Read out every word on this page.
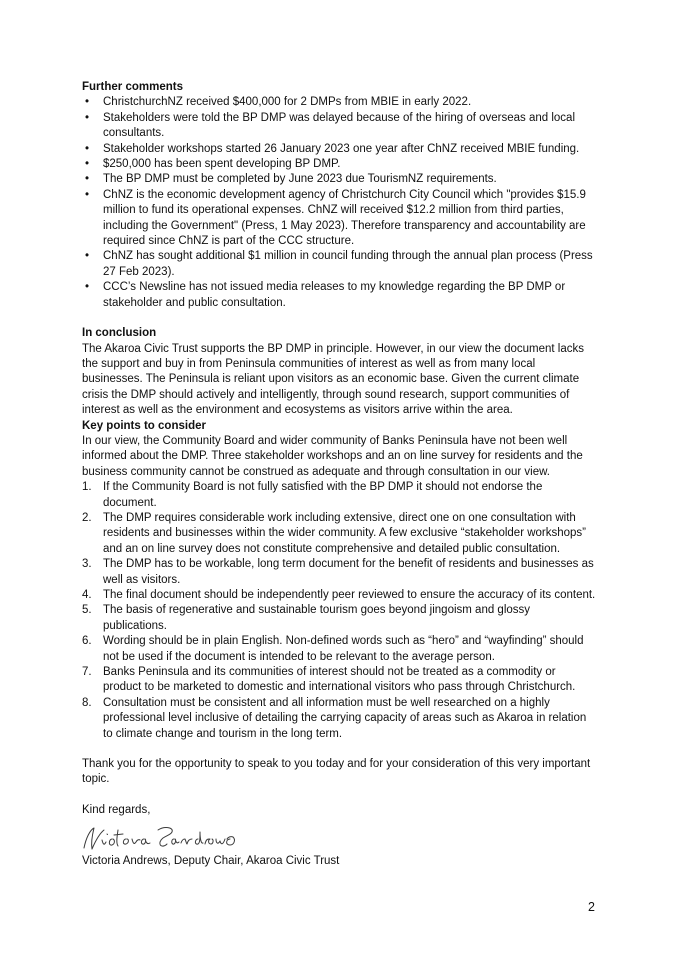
Further comments

• ChristchurchNZ received $400,000 for 2 DMPs from MBIE in early 2022.
• Stakeholders were told the BP DMP was delayed because of the hiring of overseas and local consultants.
• Stakeholder workshops started 26 January 2023 one year after ChNZ received MBIE funding.
• $250,000 has been spent developing BP DMP.
• The BP DMP must be completed by June 2023 due TourismNZ requirements.
• ChNZ is the economic development agency of Christchurch City Council which "provides $15.9 million to fund its operational expenses. ChNZ will received $12.2 million from third parties, including the Government" (Press, 1 May 2023). Therefore transparency and accountability are required since ChNZ is part of the CCC structure.
• ChNZ has sought additional $1 million in council funding through the annual plan process (Press 27 Feb 2023).
• CCC’s Newsline has not issued media releases to my knowledge regarding the BP DMP or stakeholder and public consultation.

In conclusion

The Akaroa Civic Trust supports the BP DMP in principle. However, in our view the document lacks the support and buy in from Peninsula communities of interest as well as from many local businesses. The Peninsula is reliant upon visitors as an economic base. Given the current climate crisis the DMP should actively and intelligently, through sound research, support communities of interest as well as the environment and ecosystems as visitors arrive within the area.

Key points to consider

In our view, the Community Board and wider community of Banks Peninsula have not been well informed about the DMP. Three stakeholder workshops and an on line survey for residents and the business community cannot be construed as adequate and through consultation in our view.

1. If the Community Board is not fully satisfied with the BP DMP it should not endorse the document.
2. The DMP requires considerable work including extensive, direct one on one consultation with residents and businesses within the wider community. A few exclusive “stakeholder workshops” and an on line survey does not constitute comprehensive and detailed public consultation.
3. The DMP has to be workable, long term document for the benefit of residents and businesses as well as visitors.
4. The final document should be independently peer reviewed to ensure the accuracy of its content.
5. The basis of regenerative and sustainable tourism goes beyond jingoism and glossy publications.
6. Wording should be in plain English. Non-defined words such as “hero” and “wayfinding” should not be used if the document is intended to be relevant to the average person.
7. Banks Peninsula and its communities of interest should not be treated as a commodity or product to be marketed to domestic and international visitors who pass through Christchurch.
8. Consultation must be consistent and all information must be well researched on a highly professional level inclusive of detailing the carrying capacity of areas such as Akaroa in relation to climate change and tourism in the long term.

Thank you for the opportunity to speak to you today and for your consideration of this very important topic.

Kind regards,

Victoria Andrews, Deputy Chair, Akaroa Civic Trust

2
